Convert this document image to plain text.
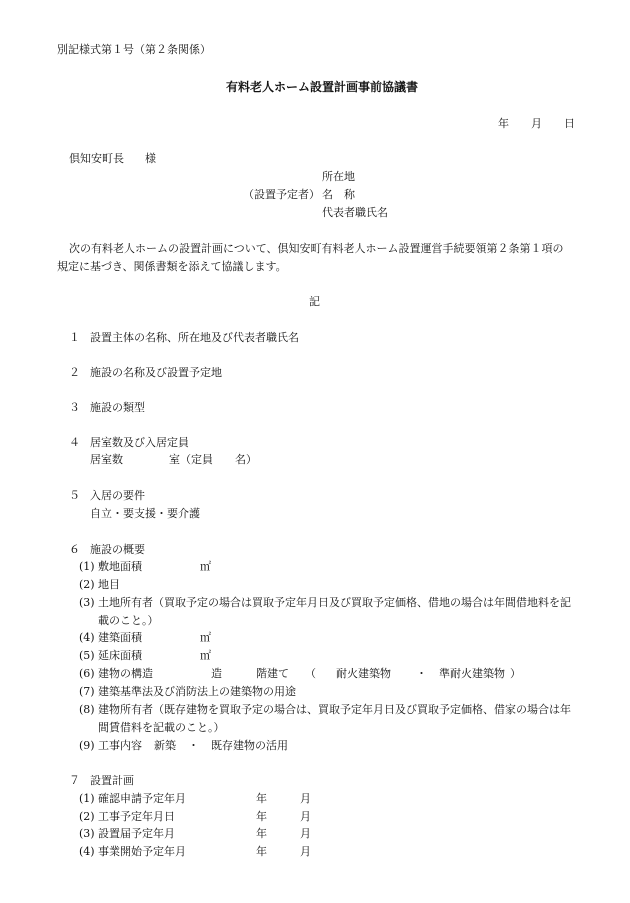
別記様式第１号（第２条関係）

有料老人ホーム設置計画事前協議書

年 月 日

倶知安町長 様

所在地

（設置予定者） 名　称

代表者職氏名

次の有料老人ホームの設置計画について、倶知安町有料老人ホーム設置運営手続要領第２条第１項の

規定に基づき、関係書類を添えて協議します。

記

１ 設置主体の名称、所在地及び代表者職氏名

２ 施設の名称及び設置予定地

３ 施設の類型

４ 居室数及び入居定員

居室数	室（定員 名）

５ 入居の要件

自立・要支援・要介護

６ 施設の概要

(1) 敷地面積	㎡

(2) 地目

(3) 土地所有者（買取予定の場合は買取予定年月日及び買取予定価格、借地の場合は年間借地料を記

載のこと。）

(4) 建築面積	㎡

(5) 延床面積	㎡

(6) 建物の構造	造	階建て （ 耐火建築物 ・ 準耐火建築物 ）

(7) 建築基準法及び消防法上の建築物の用途

(8) 建物所有者（既存建物を買取予定の場合は、買取予定年月日及び買取予定価格、借家の場合は年

間賃借料を記載のこと。）

(9) 工事内容 新築 ・ 既存建物の活用

７ 設置計画

(1) 確認申請予定年月	年	月

(2) 工事予定年月日	年	月

(3) 設置届予定年月	年	月

(4) 事業開始予定年月	年	月
